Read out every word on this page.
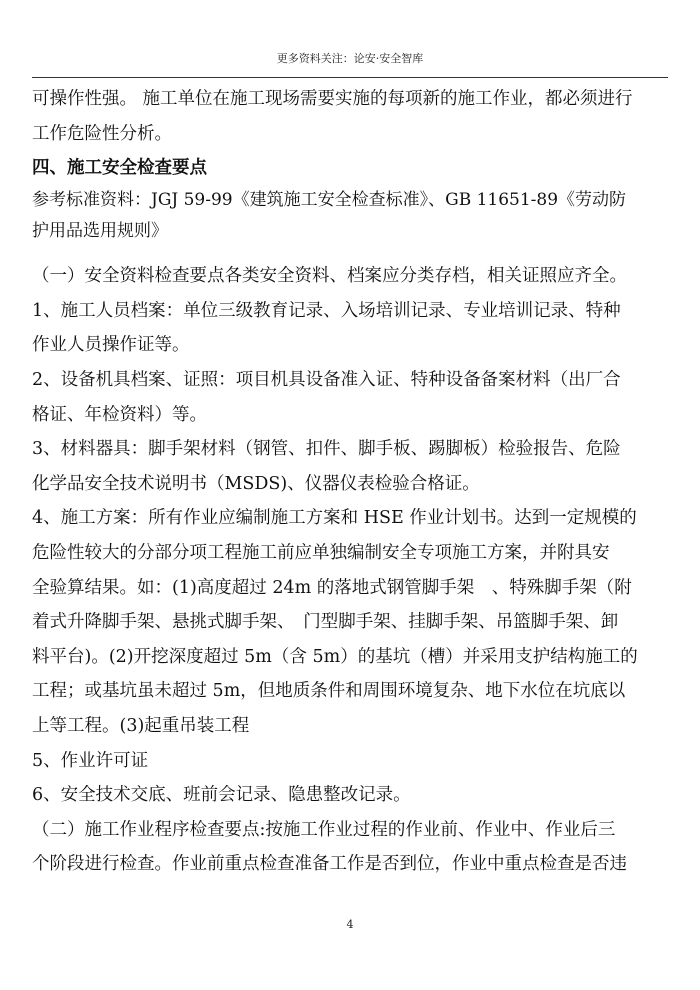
更多资料关注：论安·安全智库
可操作性强。 施工单位在施工现场需要实施的每项新的施工作业，都必须进行
工作危险性分析。
四、施工安全检查要点
参考标准资料：JGJ 59-99《建筑施工安全检查标准》、GB 11651-89《劳动防
护用品选用规则》
（一）安全资料检查要点各类安全资料、档案应分类存档，相关证照应齐全。
1、施工人员档案：单位三级教育记录、入场培训记录、专业培训记录、特种
作业人员操作证等。
2、设备机具档案、证照：项目机具设备准入证、特种设备备案材料（出厂合
格证、年检资料）等。
3、材料器具：脚手架材料（钢管、扣件、脚手板、踢脚板）检验报告、危险
化学品安全技术说明书（MSDS)、仪器仪表检验合格证。
4、施工方案：所有作业应编制施工方案和 HSE 作业计划书。达到一定规模的
危险性较大的分部分项工程施工前应单独编制安全专项施工方案，并附具安
全验算结果。如：(1)高度超过 24m 的落地式钢管脚手架　、特殊脚手架（附
着式升降脚手架、悬挑式脚手架、　门型脚手架、挂脚手架、吊篮脚手架、卸
料平台)。(2)开挖深度超过 5m（含 5m）的基坑（槽）并采用支护结构施工的
工程；或基坑虽未超过 5m，但地质条件和周围环境复杂、地下水位在坑底以
上等工程。(3)起重吊装工程
5、作业许可证
6、安全技术交底、班前会记录、隐患整改记录。
（二）施工作业程序检查要点:按施工作业过程的作业前、作业中、作业后三
个阶段进行检查。作业前重点检查准备工作是否到位，作业中重点检查是否违
4
